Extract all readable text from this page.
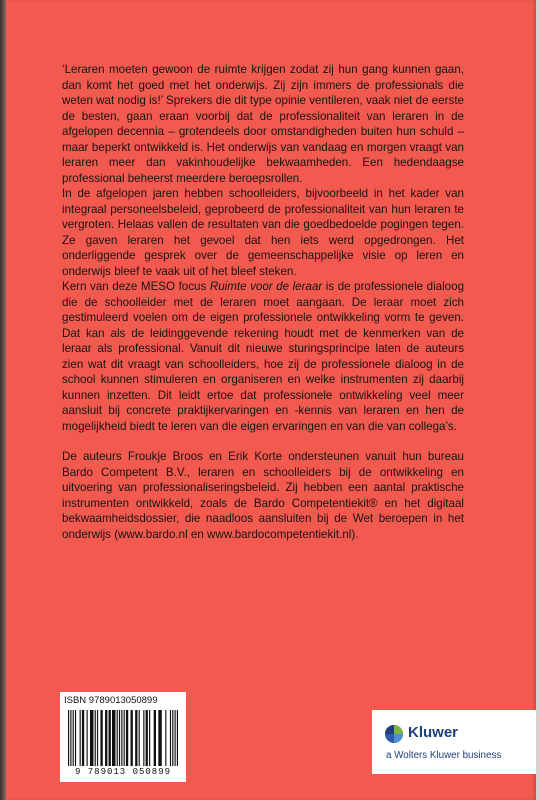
‘Leraren moeten gewoon de ruimte krijgen zodat zij hun gang kunnen gaan, dan komt het goed met het onderwijs. Zij zijn immers de professionals die weten wat nodig is!’ Sprekers die dit type opinie ventileren, vaak niet de eerste de besten, gaan eraan voorbij dat de professionaliteit van leraren in de afgelopen decennia – grotendeels door omstandigheden buiten hun schuld – maar beperkt ontwikkeld is. Het onderwijs van vandaag en morgen vraagt van leraren meer dan vakinhoudelijke bekwaamheden. Een hedendaagse professional beheerst meerdere beroepsrollen.

In de afgelopen jaren hebben schoolleiders, bijvoorbeeld in het kader van integraal personeelsbeleid, geprobeerd de professionaliteit van hun leraren te vergroten. Helaas vallen de resultaten van die goedbedoelde pogingen tegen. Ze gaven leraren het gevoel dat hen iets werd opgedrongen. Het onderliggende gesprek over de gemeenschappelijke visie op leren en onderwijs bleef te vaak uit of het bleef steken.

Kern van deze MESO focus Ruimte voor de leraar is de professionele dialoog die de schoolleider met de leraren moet aangaan. De leraar moet zich gestimuleerd voelen om de eigen professionele ontwikkeling vorm te geven. Dat kan als de leidinggevende rekening houdt met de kenmerken van de leraar als professional. Vanuit dit nieuwe sturingsprincipe laten de auteurs zien wat dit vraagt van schoolleiders, hoe zij de professionele dialoog in de school kunnen stimuleren en organiseren en welke instrumenten zij daarbij kunnen inzetten. Dit leidt ertoe dat professionele ontwikkeling veel meer aansluit bij concrete praktijkervaringen en -kennis van leraren en hen de mogelijkheid biedt te leren van die eigen ervaringen en van die van collega’s.

De auteurs Froukje Broos en Erik Korte ondersteunen vanuit hun bureau Bardo Competent B.V., leraren en schoolleiders bij de ontwikkeling en uitvoering van professionaliseringsbeleid. Zij hebben een aantal praktische instrumenten ontwikkeld, zoals de Bardo Competentiekit® en het digitaal bekwaamheidsdossier, die naadloos aansluiten bij de Wet beroepen in het onderwijs (www.bardo.nl en www.bardocompetentiekit.nl).

ISBN 9789013050899
9 789013 050899
Kluwer
a Wolters Kluwer business
